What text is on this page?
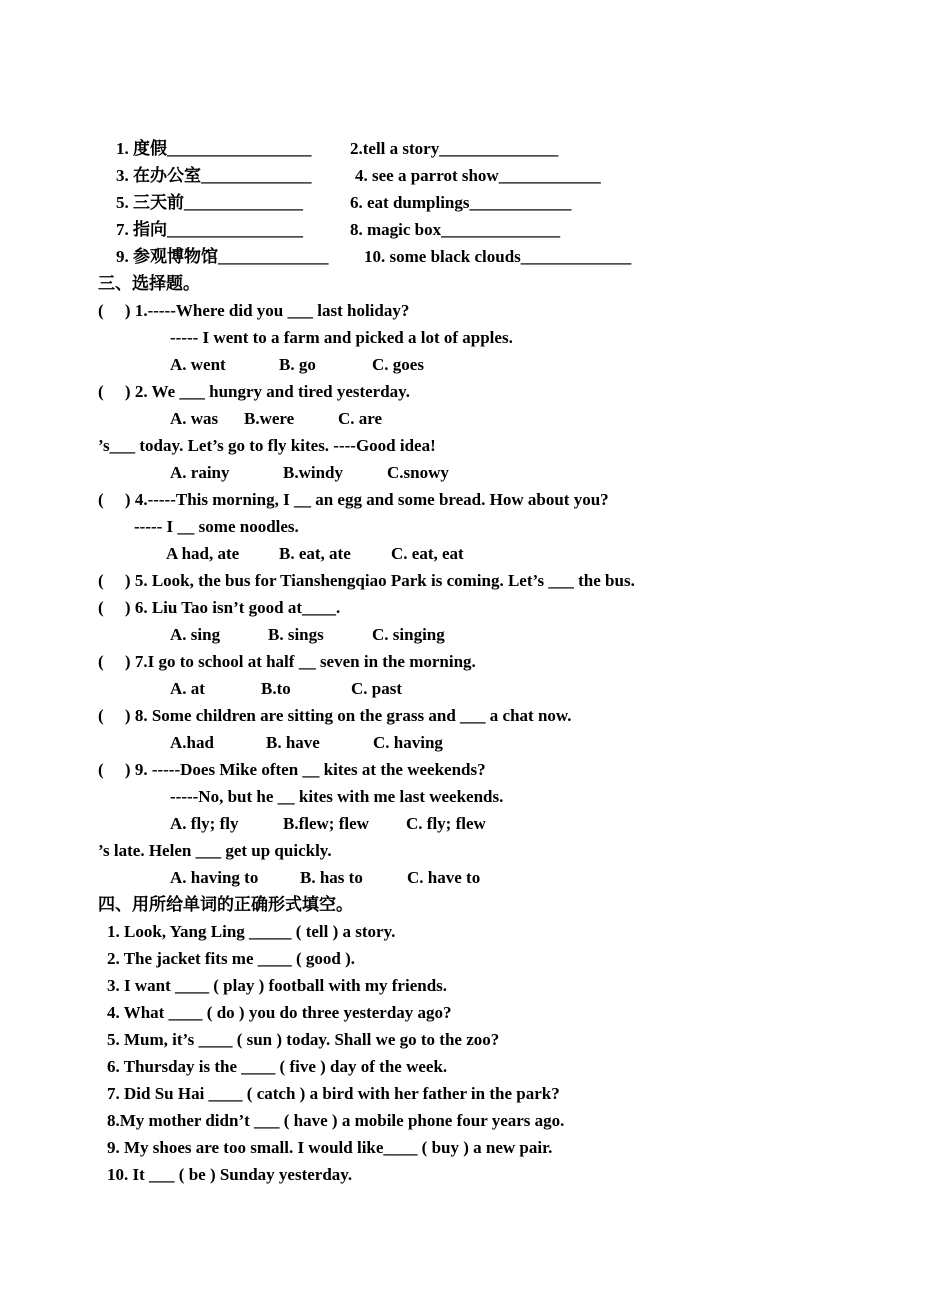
1. 度假_________________ 2.tell a story______________
3. 在办公室_____________	4. see a parrot show____________
5. 三天前______________	6. eat dumplings____________
7. 指向________________	8. magic box______________
9. 参观博物馆_____________ 10. some black clouds_____________
三、选择题。
(     ) 1.-----Where did you ___ last holiday?
----- I went to a farm and picked a lot of apples.
A. went	B. go	C. goes
(     ) 2. We ___ hungry and tired yesterday.
A. was B.were	C. are
’s___ today. Let’s go to fly kites. ----Good idea!
A. rainy	B.windy	C.snowy
(     ) 4.-----This morning, I __ an egg and some bread. How about you?
----- I __ some noodles.
A had, ate B. eat, ate C. eat, eat
(     ) 5. Look, the bus for Tianshengqiao Park is coming. Let’s ___ the bus.
(     ) 6. Liu Tao isn’t good at____.
A. sing	B. sings	C. singing
(     ) 7.I go to school at half __ seven in the morning.
A. at	B.to	C. past
(     ) 8. Some children are sitting on the grass and ___ a chat now.
A.had	B. have	C. having
(     ) 9. -----Does Mike often __ kites at the weekends?
-----No, but he __ kites with me last weekends.
A. fly; fly	B.flew; flew C. fly; flew
’s late. Helen ___ get up quickly.
A. having to B. has to	C. have to
四、用所给单词的正确形式填空。
1. Look, Yang Ling _____ ( tell ) a story.
2. The jacket fits me ____ ( good ).
3. I want ____ ( play ) football with my friends.
4. What ____ ( do ) you do three yesterday ago?
5. Mum, it’s ____ ( sun ) today. Shall we go to the zoo?
6. Thursday is the ____ ( five ) day of the week.
7. Did Su Hai ____ ( catch ) a bird with her father in the park?
8.My mother didn’t ___ ( have ) a mobile phone four years ago.
9. My shoes are too small. I would like____ ( buy ) a new pair.
10. It ___ ( be ) Sunday yesterday.
